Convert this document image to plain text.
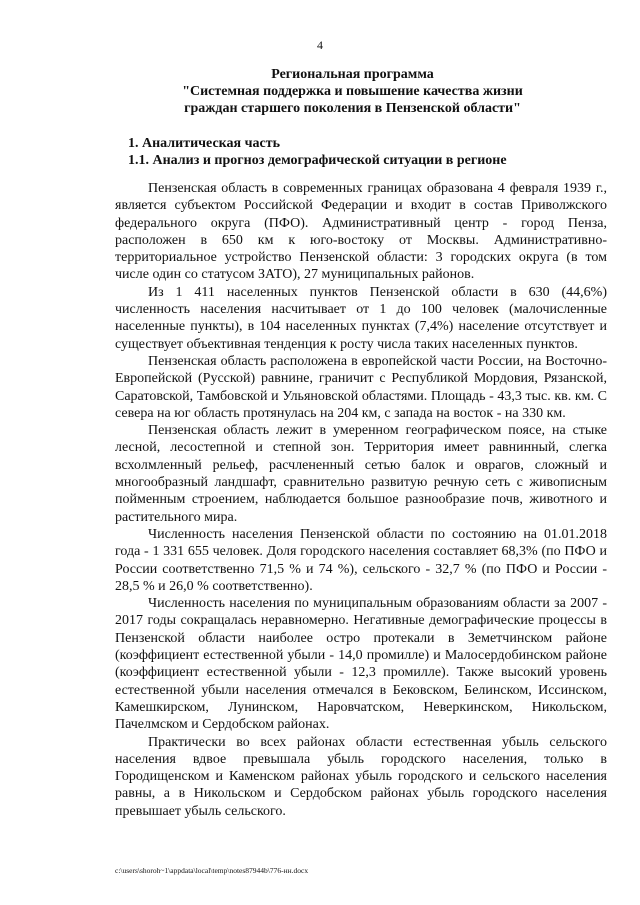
4
Региональная программа
"Системная поддержка и повышение качества жизни
граждан старшего поколения в Пензенской области"
1. Аналитическая часть
1.1. Анализ и прогноз демографической ситуации в регионе

Пензенская область в современных границах образована 4 февраля 1939 г., является субъектом Российской Федерации и входит в состав Приволжского федерального округа (ПФО). Административный центр - город Пенза, расположен в 650 км к юго-востоку от Москвы. Административно-территориальное устройство Пензенской области: 3 городских округа (в том числе один со статусом ЗАТО), 27 муниципальных районов.

Из 1 411 населенных пунктов Пензенской области в 630 (44,6%) численность населения насчитывает от 1 до 100 человек (малочисленные населенные пункты), в 104 населенных пунктах (7,4%) население отсутствует и существует объективная тенденция к росту числа таких населенных пунктов.

Пензенская область расположена в европейской части России, на Восточно-Европейской (Русской) равнине, граничит с Республикой Мордовия, Рязанской, Саратовской, Тамбовской и Ульяновской областями. Площадь - 43,3 тыс. кв. км. С севера на юг область протянулась на 204 км, с запада на восток - на 330 км.

Пензенская область лежит в умеренном географическом поясе, на стыке лесной, лесостепной и степной зон. Территория имеет равнинный, слегка всхолмленный рельеф, расчлененный сетью балок и оврагов, сложный и многообразный ландшафт, сравнительно развитую речную сеть с живописным пойменным строением, наблюдается большое разнообразие почв, животного и растительного мира.

Численность населения Пензенской области по состоянию на 01.01.2018 года - 1 331 655 человек. Доля городского населения составляет 68,3% (по ПФО и России соответственно 71,5 % и 74 %), сельского - 32,7 % (по ПФО и России - 28,5 % и 26,0 % соответственно).

Численность населения по муниципальным образованиям области за 2007 - 2017 годы сокращалась неравномерно. Негативные демографические процессы в Пензенской области наиболее остро протекали в Земетчинском районе (коэффициент естественной убыли - 14,0 промилле) и Малосердобинском районе (коэффициент естественной убыли - 12,3 промилле). Также высокий уровень естественной убыли населения отмечался в Бековском, Белинском, Иссинском, Камешкирском, Лунинском, Наровчатском, Неверкинском, Никольском, Пачелмском и Сердобском районах.

Практически во всех районах области естественная убыль сельского населения вдвое превышала убыль городского населения, только в Городищенском и Каменском районах убыль городского и сельского населения равны, а в Никольском и Сердобском районах убыль городского населения превышает убыль сельского.

c:\users\shoroh~1\appdata\local\temp\notes87944b\776-нн.docx
